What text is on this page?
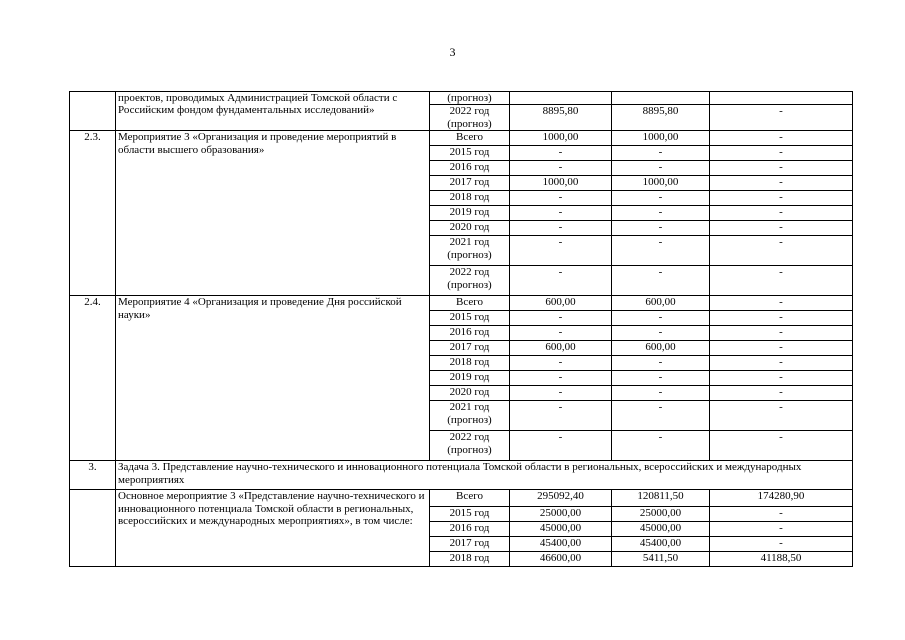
3
	проектов, проводимых Администрацией Томской области с Российским фондом фундаментальных исследований»	(прогноз)			
		2022 год (прогноз)	8895,80	8895,80	-
2.3.	Мероприятие 3 «Организация и проведение мероприятий в области высшего образования»	Всего	1000,00	1000,00	-
		2015 год	-	-	-
		2016 год	-	-	-
		2017 год	1000,00	1000,00	-
		2018 год	-	-	-
		2019 год	-	-	-
		2020 год	-	-	-
		2021 год (прогноз)	-	-	-
		2022 год (прогноз)	-	-	-
2.4.	Мероприятие 4 «Организация и проведение Дня российской науки»	Всего	600,00	600,00	-
		2015 год	-	-	-
		2016 год	-	-	-
		2017 год	600,00	600,00	-
		2018 год	-	-	-
		2019 год	-	-	-
		2020 год	-	-	-
		2021 год (прогноз)	-	-	-
		2022 год (прогноз)	-	-	-
3.	Задача 3. Представление научно-технического и инновационного потенциала Томской области в региональных, всероссийских и международных мероприятиях				
	Основное мероприятие 3 «Представление научно-технического и инновационного потенциала Томской области в региональных, всероссийских и международных мероприятиях», в том числе:	Всего	295092,40	120811,50	174280,90
		2015 год	25000,00	25000,00	-
		2016 год	45000,00	45000,00	-
		2017 год	45400,00	45400,00	-
		2018 год	46600,00	5411,50	41188,50
